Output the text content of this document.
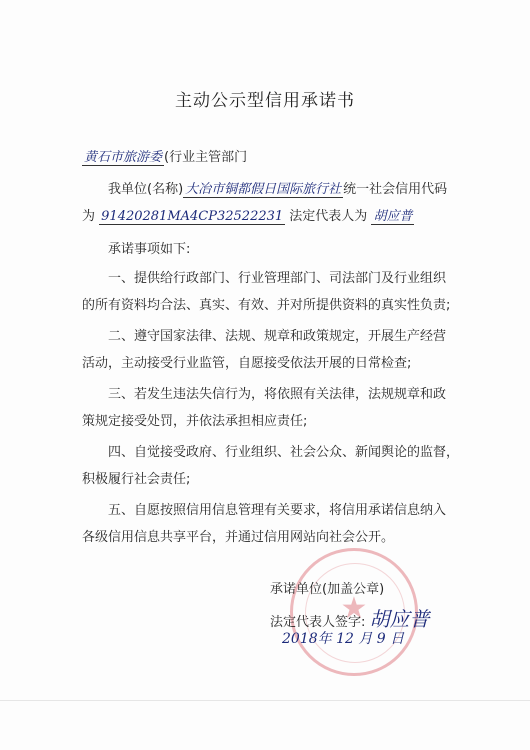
主动公示型信用承诺书
黄石市旅游委 (行业主管部门
我单位(名称) 大冶市铜都假日国际旅行社 统一社会信用代码
为 91420281MA4CP32522231 法定代表人为 胡应普
承诺事项如下:
一、提供给行政部门、行业管理部门、司法部门及行业组织
的所有资料均合法、真实、有效、并对所提供资料的真实性负责;
二、遵守国家法律、法规、规章和政策规定，开展生产经营
活动，主动接受行业监管，自愿接受依法开展的日常检查;
三、若发生违法失信行为，将依照有关法律，法规规章和政
策规定接受处罚，并依法承担相应责任;
四、自觉接受政府、行业组织、社会公众、新闻舆论的监督，
积极履行社会责任;
五、自愿按照信用信息管理有关要求，将信用承诺信息纳入
各级信用信息共享平台，并通过信用网站向社会公开。
★
承诺单位(加盖公章)
法定代表人签字: 胡应普
2018年 12 月 9 日
